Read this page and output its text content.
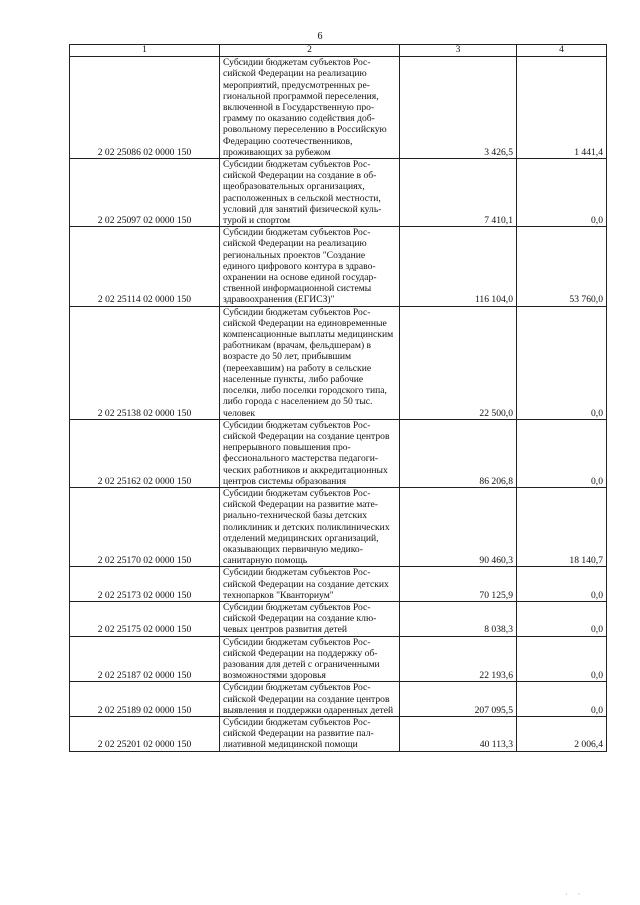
6
1	2	3	4
2 02 25086 02 0000 150	Субсидии бюджетам субъектов Российской Федерации на реализацию мероприятий, предусмотренных региональной программой переселения, включенной в Государственную программу по оказанию содействия добровольному переселению в Российскую Федерацию соотечественников, проживающих за рубежом	3 426,5	1 441,4
2 02 25097 02 0000 150	Субсидии бюджетам субъектов Российской Федерации на создание в общеобразовательных организациях, расположенных в сельской местности, условий для занятий физической культурой и спортом	7 410,1	0,0
2 02 25114 02 0000 150	Субсидии бюджетам субъектов Российской Федерации на реализацию региональных проектов "Создание единого цифрового контура в здравоохранении на основе единой государственной информационной системы здравоохранения (ЕГИСЗ)"	116 104,0	53 760,0
2 02 25138 02 0000 150	Субсидии бюджетам субъектов Российской Федерации на единовременные компенсационные выплаты медицинским работникам (врачам, фельдшерам) в возрасте до 50 лет, прибывшим (переехавшим) на работу в сельские населенные пункты, либо рабочие поселки, либо поселки городского типа, либо города с населением до 50 тыс. человек	22 500,0	0,0
2 02 25162 02 0000 150	Субсидии бюджетам субъектов Российской Федерации на создание центров непрерывного повышения профессионального мастерства педагогических работников и аккредитационных центров системы образования	86 206,8	0,0
2 02 25170 02 0000 150	Субсидии бюджетам субъектов Российской Федерации на развитие материально-технической базы детских поликлиник и детских поликлинических отделений медицинских организаций, оказывающих первичную медико-санитарную помощь	90 460,3	18 140,7
2 02 25173 02 0000 150	Субсидии бюджетам субъектов Российской Федерации на создание детских технопарков "Кванториум"	70 125,9	0,0
2 02 25175 02 0000 150	Субсидии бюджетам субъектов Российской Федерации на создание ключевых центров развития детей	8 038,3	0,0
2 02 25187 02 0000 150	Субсидии бюджетам субъектов Российской Федерации на поддержку образования для детей с ограниченными возможностями здоровья	22 193,6	0,0
2 02 25189 02 0000 150	Субсидии бюджетам субъектов Российской Федерации на создание центров выявления и поддержки одаренных детей	207 095,5	0,0
2 02 25201 02 0000 150	Субсидии бюджетам субъектов Российской Федерации на развитие паллиативной медицинской помощи	40 113,3	2 006,4
· ·
